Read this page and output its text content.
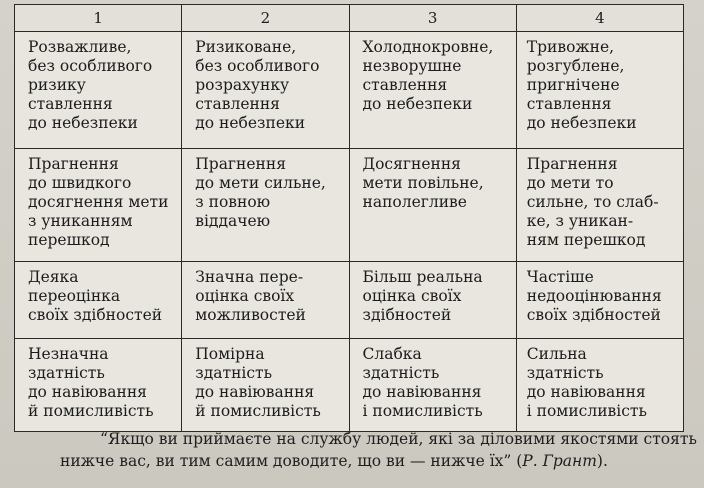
1	2	3	4
Розважливе,
без особливого
ризику
ставлення
до небезпеки	Ризиковане,
без особливого
розрахунку
ставлення
до небезпеки	Холоднокровне,
незворушне
ставлення
до небезпеки	Тривожне,
розгублене,
пригнічене
ставлення
до небезпеки
Прагнення
до швидкого
досягнення мети
з униканням
перешкод	Прагнення
до мети сильне,
з повною
віддачею	Досягнення
мети повільне,
наполегливе	Прагнення
до мети то
сильне, то слаб-
ке, з уникан-
ням перешкод
Деяка
переоцінка
своїх здібностей	Значна пере-
оцінка своїх
можливостей	Більш реальна
оцінка своїх
здібностей	Частіше
недооцінювання
своїх здібностей
Незначна
здатність
до навіювання
й помисливість	Помірна
здатність
до навіювання
й помисливість	Слабка
здатність
до навіювання
і помисливість	Сильна
здатність
до навіювання
і помисливість
“Якщо ви приймаєте на службу людей, які за діловими якостями стоять
нижче вас, ви тим самим доводите, що ви — нижче їх” (Р. Грант).
